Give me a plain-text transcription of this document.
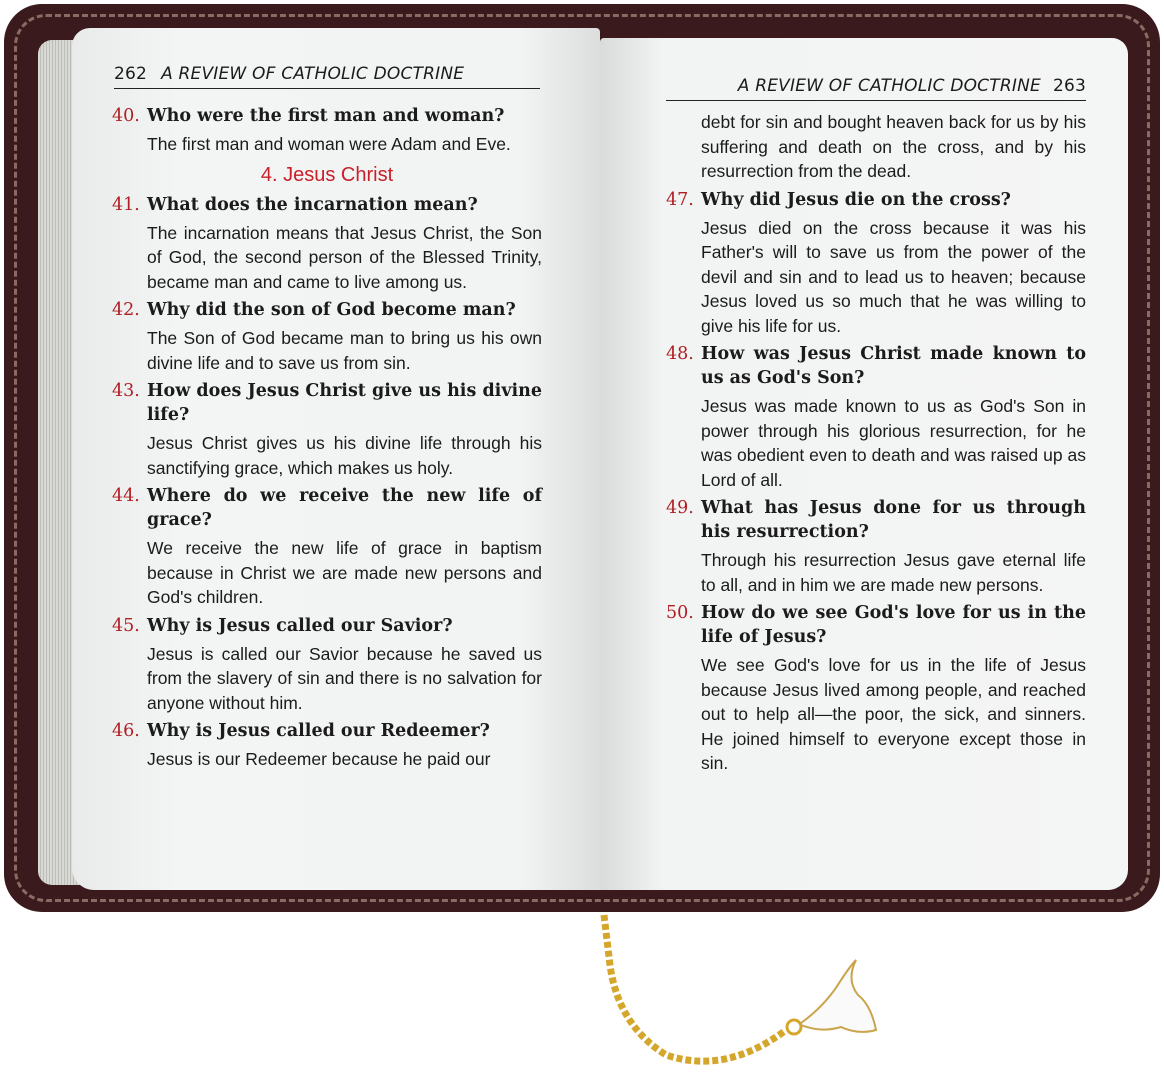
262 A REVIEW OF CATHOLIC DOCTRINE

40. Who were the first man and woman?

The first man and woman were Adam and Eve.

4. Jesus Christ

41. What does the incarnation mean?

The incarnation means that Jesus Christ, the Son of God, the second person of the Blessed Trinity, became man and came to live among us.

42. Why did the son of God become man?

The Son of God became man to bring us his own divine life and to save us from sin.

43. How does Jesus Christ give us his divine life?

Jesus Christ gives us his divine life through his sanctifying grace, which makes us holy.

44. Where do we receive the new life of grace?

We receive the new life of grace in baptism because in Christ we are made new persons and God's children.

45. Why is Jesus called our Savior?

Jesus is called our Savior because he saved us from the slavery of sin and there is no salvation for anyone without him.

46. Why is Jesus called our Redeemer?

Jesus is our Redeemer because he paid our

A REVIEW OF CATHOLIC DOCTRINE 263

debt for sin and bought heaven back for us by his suffering and death on the cross, and by his resurrection from the dead.

47. Why did Jesus die on the cross?

Jesus died on the cross because it was his Father's will to save us from the power of the devil and sin and to lead us to heaven; because Jesus loved us so much that he was willing to give his life for us.

48. How was Jesus Christ made known to us as God's Son?

Jesus was made known to us as God's Son in power through his glorious resurrection, for he was obedient even to death and was raised up as Lord of all.

49. What has Jesus done for us through his resurrection?

Through his resurrection Jesus gave eternal life to all, and in him we are made new persons.

50. How do we see God's love for us in the life of Jesus?

We see God's love for us in the life of Jesus because Jesus lived among people, and reached out to help all—the poor, the sick, and sinners. He joined himself to everyone except those in sin.
